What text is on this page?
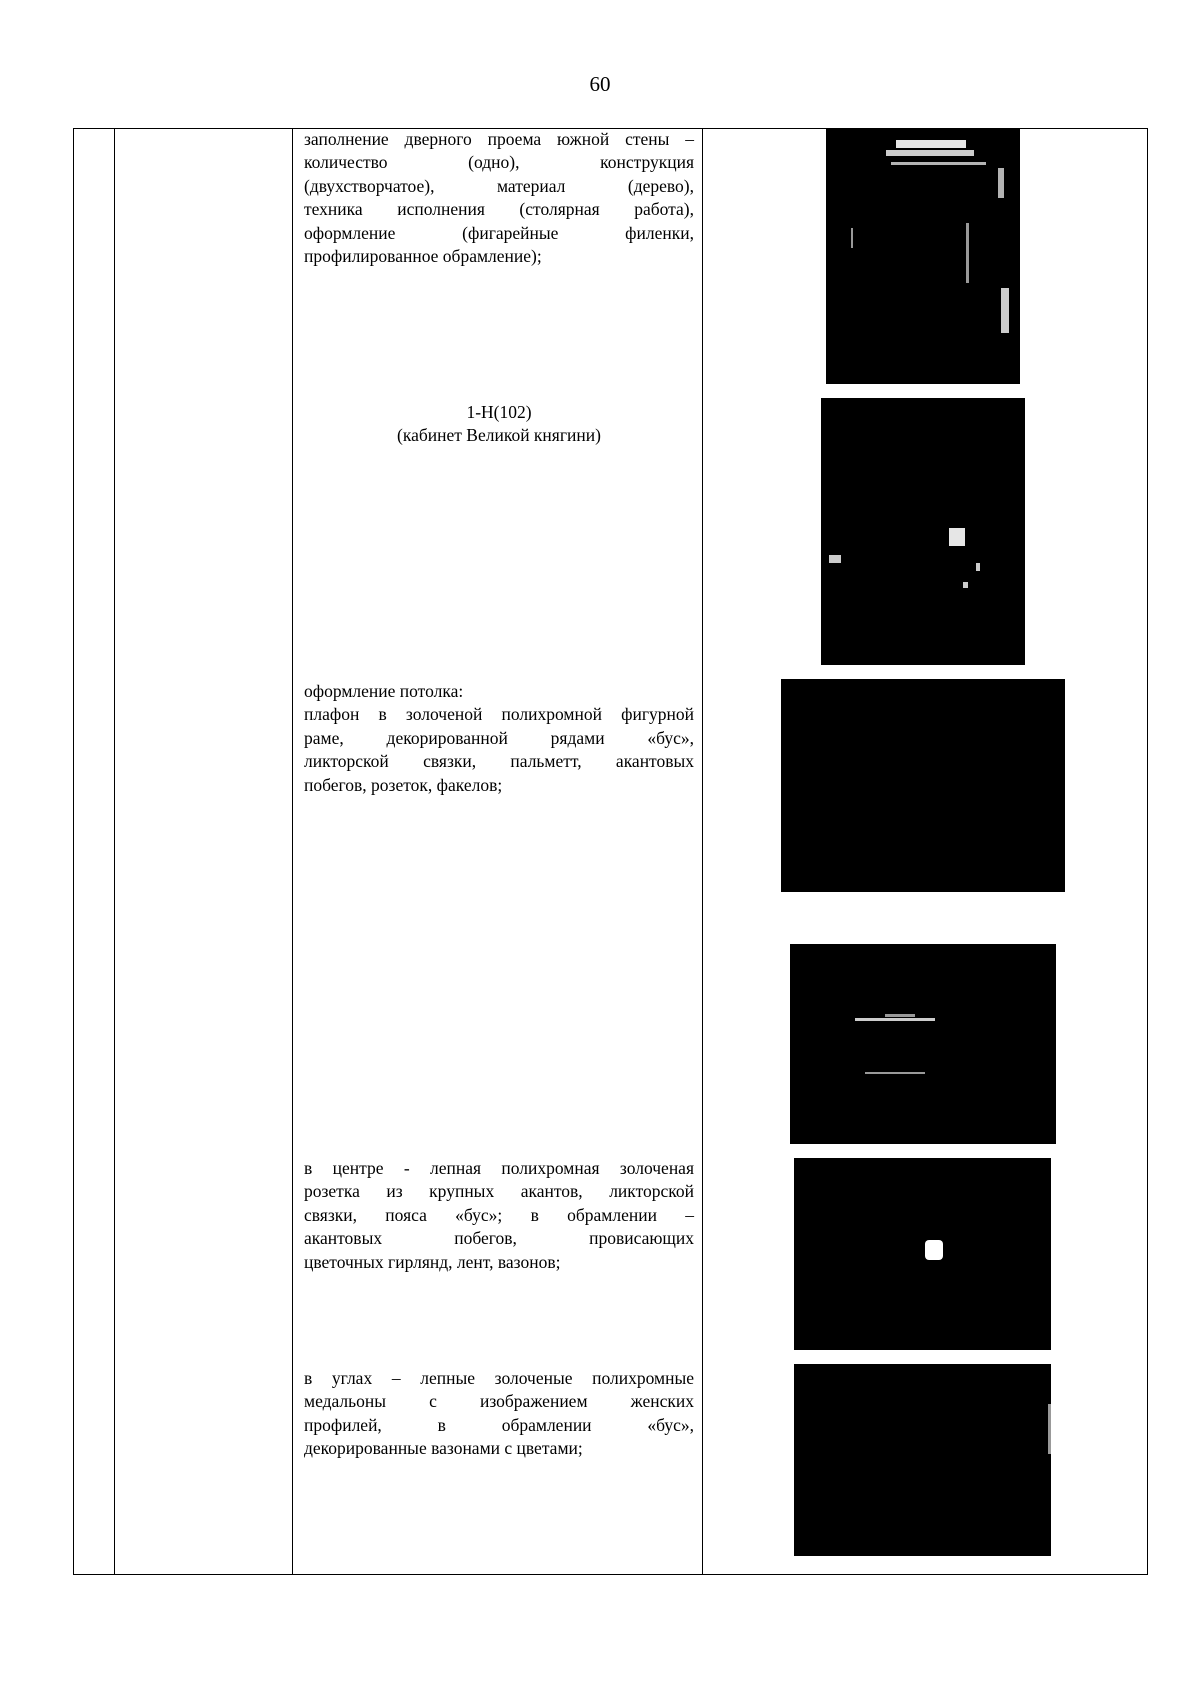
60

заполнение дверного проема южной стены –
количество (одно), конструкция
(двухстворчатое), материал (дерево),
техника исполнения (столярная работа),
оформление (фигарейные филенки,
профилированное обрамление);

1-Н(102)
(кабинет Великой княгини)

оформление потолка:
плафон в золоченой полихромной фигурной
раме, декорированной рядами «бус»,
ликторской связки, пальметт, акантовых
побегов, розеток, факелов;

в центре - лепная полихромная золоченая
розетка из крупных акантов, ликторской
связки, пояса «бус»; в обрамлении –
акантовых побегов, провисающих
цветочных гирлянд, лент, вазонов;

в углах – лепные золоченые полихромные
медальоны с изображением женских
профилей, в обрамлении «бус»,
декорированные вазонами с цветами;
